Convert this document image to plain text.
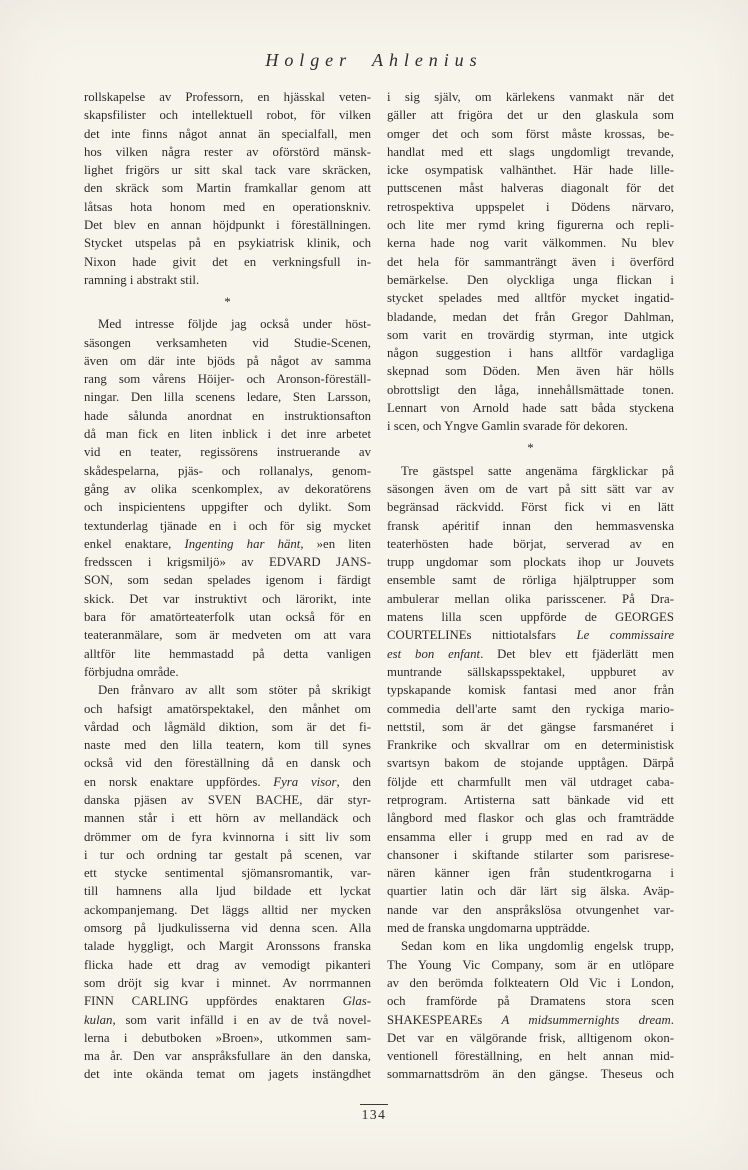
Holger Ahlenius
rollskapelse av Professorn, en hjässkal veten-
skapsfilister och intellektuell robot, för vilken
det inte finns något annat än specialfall, men
hos vilken några rester av oförstörd mänsk-
lighet frigörs ur sitt skal tack vare skräcken,
den skräck som Martin framkallar genom att
låtsas hota honom med en operationskniv.
Det blev en annan höjdpunkt i föreställningen.
Stycket utspelas på en psykiatrisk klinik, och
Nixon hade givit det en verkningsfull in-
ramning i abstrakt stil.
*
Med intresse följde jag också under höst-
säsongen verksamheten vid Studie-Scenen,
även om där inte bjöds på något av samma
rang som vårens Höijer- och Aronson-föreställ-
ningar. Den lilla scenens ledare, Sten Larsson,
hade sålunda anordnat en instruktionsafton
då man fick en liten inblick i det inre arbetet
vid en teater, regissörens instruerande av
skådespelarna, pjäs- och rollanalys, genom-
gång av olika scenkomplex, av dekoratörens
och inspicientens uppgifter och dylikt. Som
textunderlag tjänade en i och för sig mycket
enkel enaktare, Ingenting har hänt, »en liten
fredsscen i krigsmiljö» av EDVARD JANS-
SON, som sedan spelades igenom i färdigt
skick. Det var instruktivt och lärorikt, inte
bara för amatörteaterfolk utan också för en
teateranmälare, som är medveten om att vara
alltför lite hemmastadd på detta vanligen
förbjudna område.
Den frånvaro av allt som stöter på skrikigt
och hafsigt amatörspektakel, den månhet om
vårdad och lågmäld diktion, som är det fi-
naste med den lilla teatern, kom till synes
också vid den föreställning då en dansk och
en norsk enaktare uppfördes. Fyra visor, den
danska pjäsen av SVEN BACHE, där styr-
mannen står i ett hörn av mellandäck och
drömmer om de fyra kvinnorna i sitt liv som
i tur och ordning tar gestalt på scenen, var
ett stycke sentimental sjömansromantik, var-
till hamnens alla ljud bildade ett lyckat
ackompanjemang. Det läggs alltid ner mycken
omsorg på ljudkulisserna vid denna scen. Alla
talade hyggligt, och Margit Aronssons franska
flicka hade ett drag av vemodigt pikanteri
som dröjt sig kvar i minnet. Av norrmannen
FINN CARLING uppfördes enaktaren Glas-
kulan, som varit infälld i en av de två novel-
lerna i debutboken »Broen», utkommen sam-
ma år. Den var anspråksfullare än den danska,
det inte okända temat om jagets instängdhet
i sig själv, om kärlekens vanmakt när det
gäller att frigöra det ur den glaskula som
omger det och som först måste krossas, be-
handlat med ett slags ungdomligt trevande,
icke osympatisk valhänthet. Här hade lille-
puttscenen måst halveras diagonalt för det
retrospektiva uppspelet i Dödens närvaro,
och lite mer rymd kring figurerna och repli-
kerna hade nog varit välkommen. Nu blev
det hela för sammanträngt även i överförd
bemärkelse. Den olyckliga unga flickan i
stycket spelades med alltför mycket ingatid-
bladande, medan det från Gregor Dahlman,
som varit en trovärdig styrman, inte utgick
någon suggestion i hans alltför vardagliga
skepnad som Döden. Men även här hölls
obrottsligt den låga, innehållsmättade tonen.
Lennart von Arnold hade satt båda styckena
i scen, och Yngve Gamlin svarade för dekoren.
*
Tre gästspel satte angenäma färgklickar på
säsongen även om de vart på sitt sätt var av
begränsad räckvidd. Först fick vi en lätt
fransk apéritif innan den hemmasvenska
teaterhösten hade börjat, serverad av en
trupp ungdomar som plockats ihop ur Jouvets
ensemble samt de rörliga hjälptrupper som
ambulerar mellan olika parisscener. På Dra-
matens lilla scen uppförde de GEORGES
COURTELINEs nittiotalsfars Le commissaire
est bon enfant. Det blev ett fjäderlätt men
muntrande sällskapsspektakel, uppburet av
typskapande komisk fantasi med anor från
commedia dell'arte samt den ryckiga mario-
nettstil, som är det gängse farsmanéret i
Frankrike och skvallrar om en deterministisk
svartsyn bakom de stojande upptågen. Därpå
följde ett charmfullt men väl utdraget caba-
retprogram. Artisterna satt bänkade vid ett
långbord med flaskor och glas och framträdde
ensamma eller i grupp med en rad av de
chansoner i skiftande stilarter som parisrese-
nären känner igen från studentkrogarna i
quartier latin och där lärt sig älska. Aväp-
nande var den anspråkslösa otvungenhet var-
med de franska ungdomarna uppträdde.
Sedan kom en lika ungdomlig engelsk trupp,
The Young Vic Company, som är en utlöpare
av den berömda folkteatern Old Vic i London,
och framförde på Dramatens stora scen
SHAKESPEAREs A midsummernights dream.
Det var en välgörande frisk, alltigenom okon-
ventionell föreställning, en helt annan mid-
sommarnattsdröm än den gängse. Theseus och
134
